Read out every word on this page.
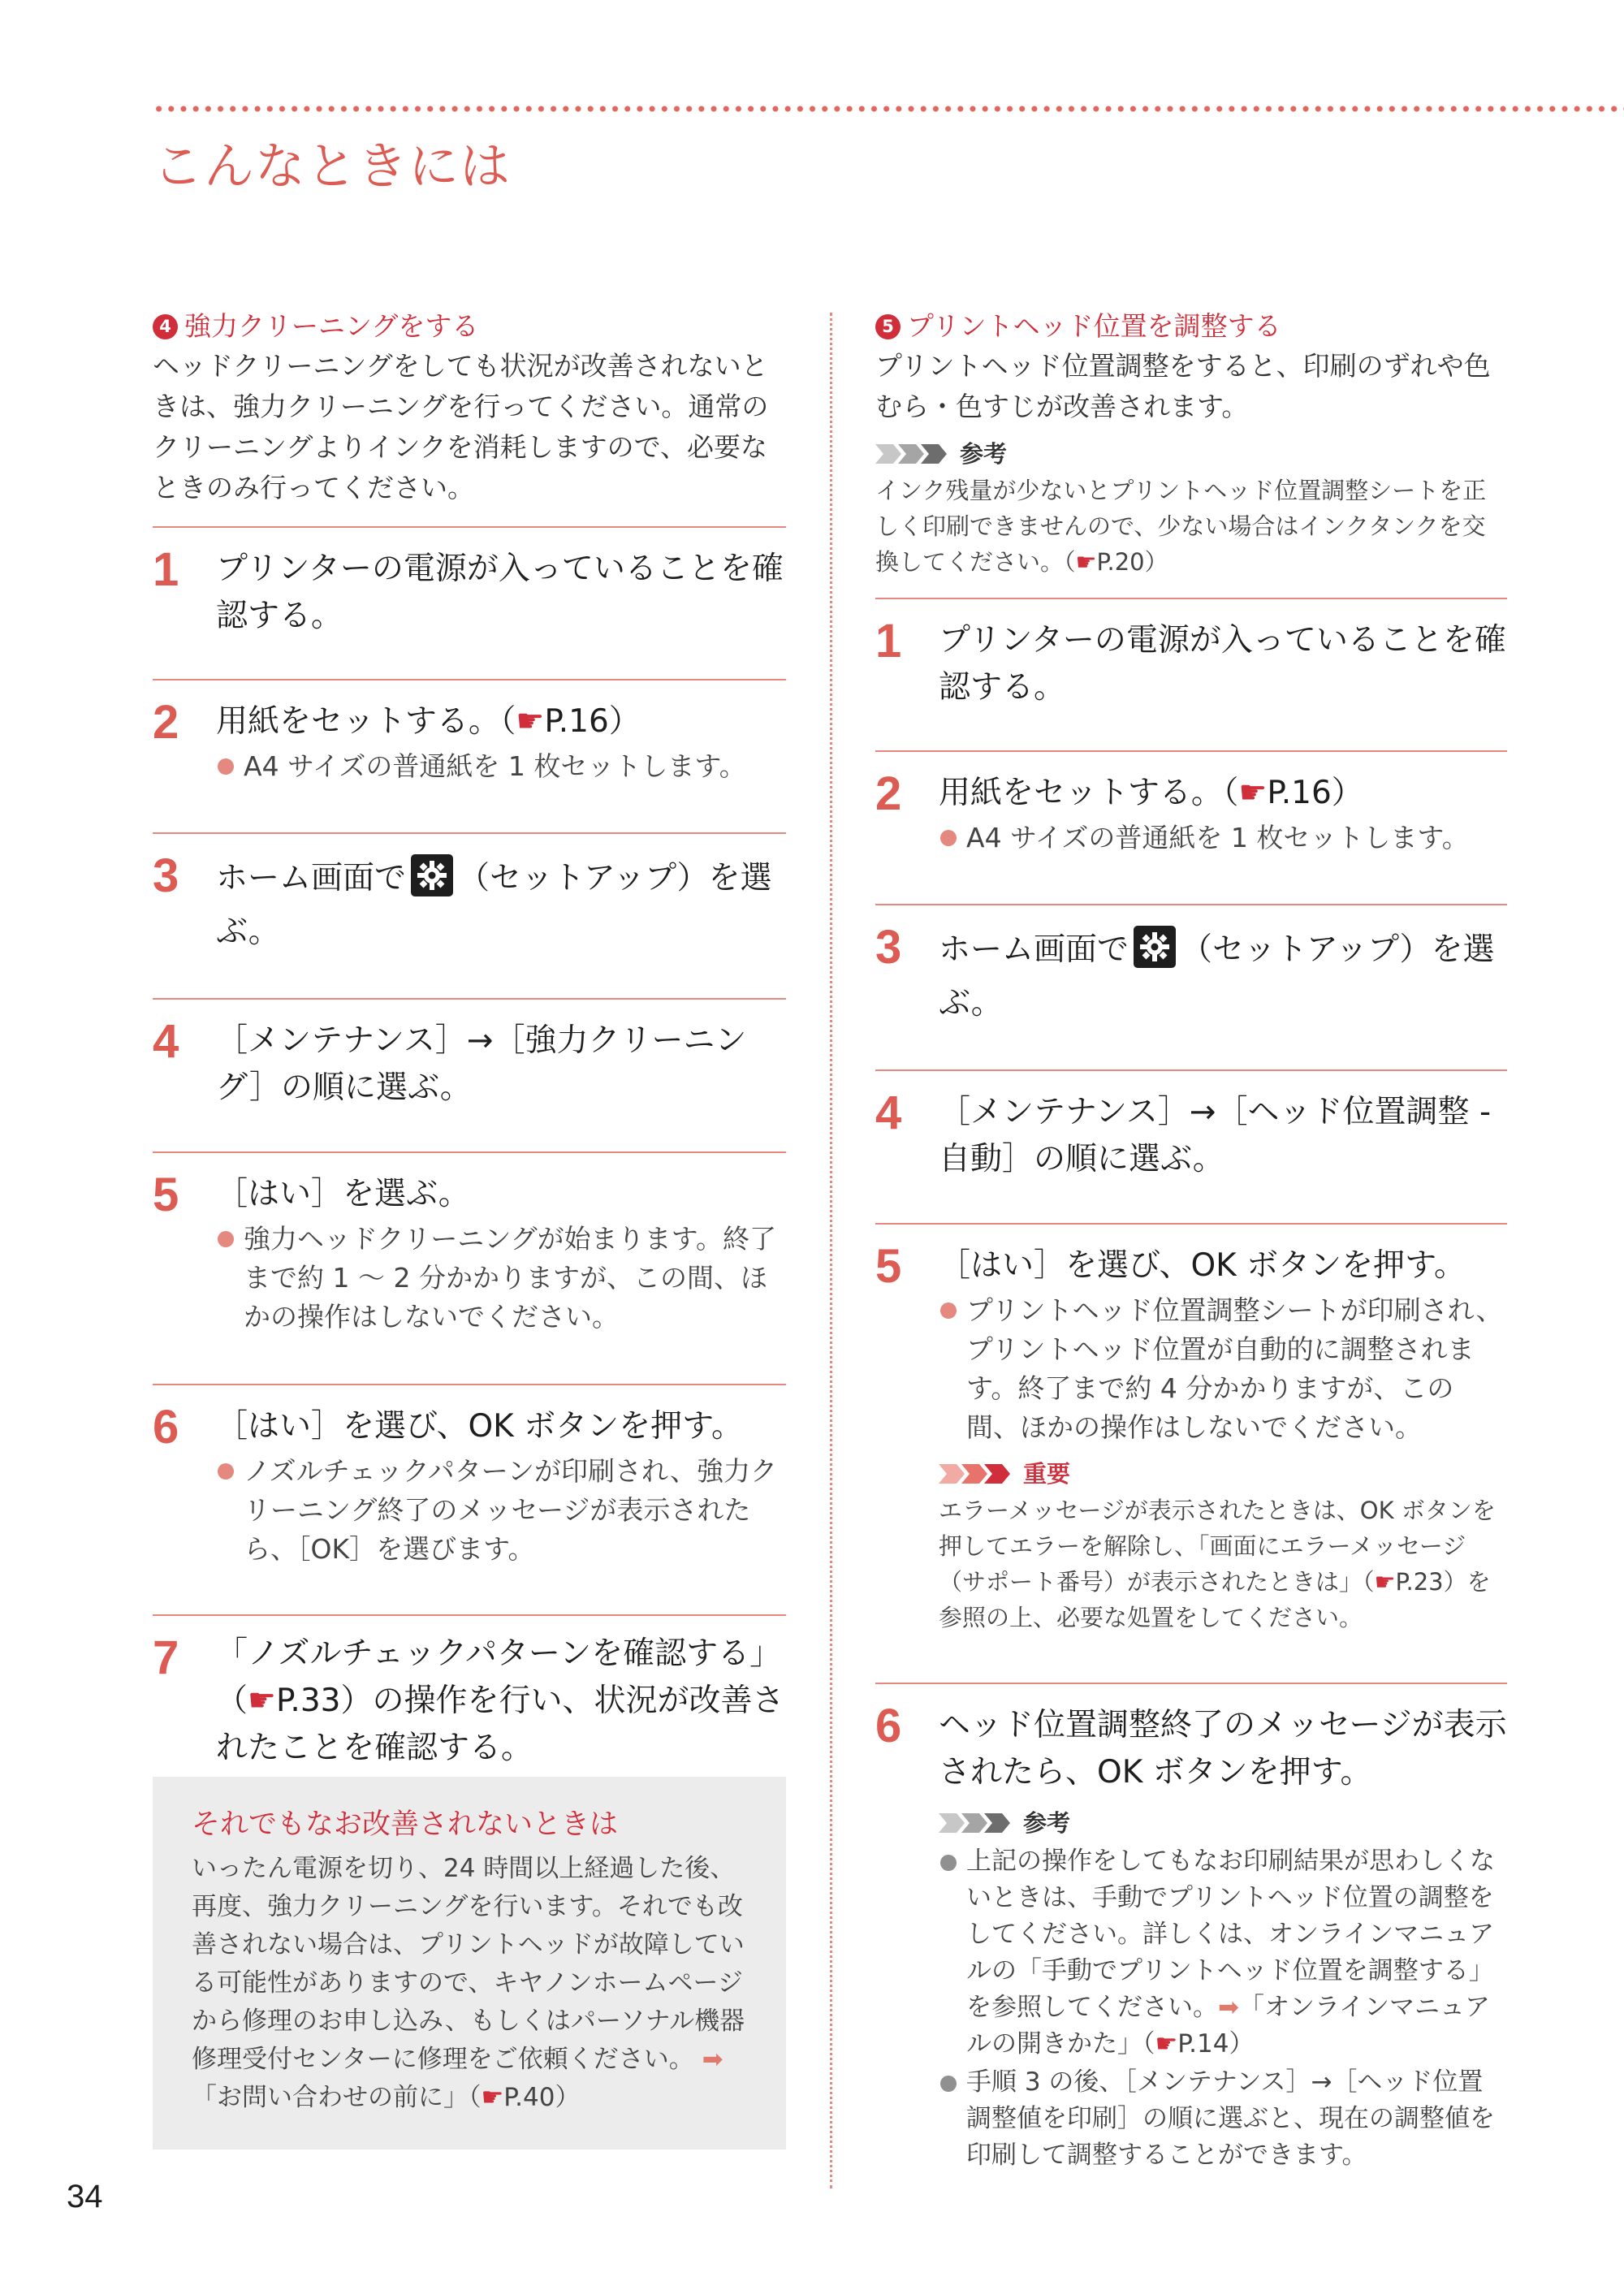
こんなときには

4 強力クリーニングをする

ヘッドクリーニングをしても状況が改善されないときは、強力クリーニングを行ってください。通常のクリーニングよりインクを消耗しますので、必要なときのみ行ってください。

1	プリンターの電源が入っていることを確認する。

2	用紙をセットする。（☛P.16）

A4 サイズの普通紙を 1 枚セットします。

3	ホーム画面で （セットアップ）を選ぶ。

4	［メンテナンス］→［強力クリーニング］の順に選ぶ。

5	［はい］を選ぶ。

強力ヘッドクリーニングが始まります。終了まで約 1 〜 2 分かかりますが、この間、ほかの操作はしないでください。

6	［はい］を選び、OK ボタンを押す。

ノズルチェックパターンが印刷され、強力クリーニング終了のメッセージが表示されたら、［OK］を選びます。

7	「ノズルチェックパターンを確認する」（☛P.33）の操作を行い、状況が改善されたことを確認する。

それでもなお改善されないときは

いったん電源を切り、24 時間以上経過した後、再度、強力クリーニングを行います。それでも改善されない場合は、プリントヘッドが故障している可能性がありますので、キヤノンホームページから修理のお申し込み、もしくはパーソナル機器修理受付センターに修理をご依頼ください。 ➡「お問い合わせの前に」（☛P.40）

5 プリントヘッド位置を調整する

プリントヘッド位置調整をすると、印刷のずれや色むら・色すじが改善されます。

参考

インク残量が少ないとプリントヘッド位置調整シートを正しく印刷できませんので、少ない場合はインクタンクを交換してください。（☛P.20）

1	プリンターの電源が入っていることを確認する。

2	用紙をセットする。（☛P.16）

A4 サイズの普通紙を 1 枚セットします。

3	ホーム画面で （セットアップ）を選ぶ。

4	［メンテナンス］→［ヘッド位置調整 - 自動］の順に選ぶ。

5	［はい］を選び、OK ボタンを押す。

プリントヘッド位置調整シートが印刷され、プリントヘッド位置が自動的に調整されます。終了まで約 4 分かかりますが、この間、ほかの操作はしないでください。

重要

エラーメッセージが表示されたときは、OK ボタンを押してエラーを解除し、「画面にエラーメッセージ（サポート番号）が表示されたときは」（☛P.23）を参照の上、必要な処置をしてください。

6	ヘッド位置調整終了のメッセージが表示されたら、OK ボタンを押す。

参考

上記の操作をしてもなお印刷結果が思わしくないときは、手動でプリントヘッド位置の調整をしてください。詳しくは、オンラインマニュアルの「手動でプリントヘッド位置を調整する」を参照してください。➡「オンラインマニュアルの開きかた」（☛P.14）

手順 3 の後、［メンテナンス］→［ヘッド位置調整値を印刷］の順に選ぶと、現在の調整値を印刷して調整することができます。

34
